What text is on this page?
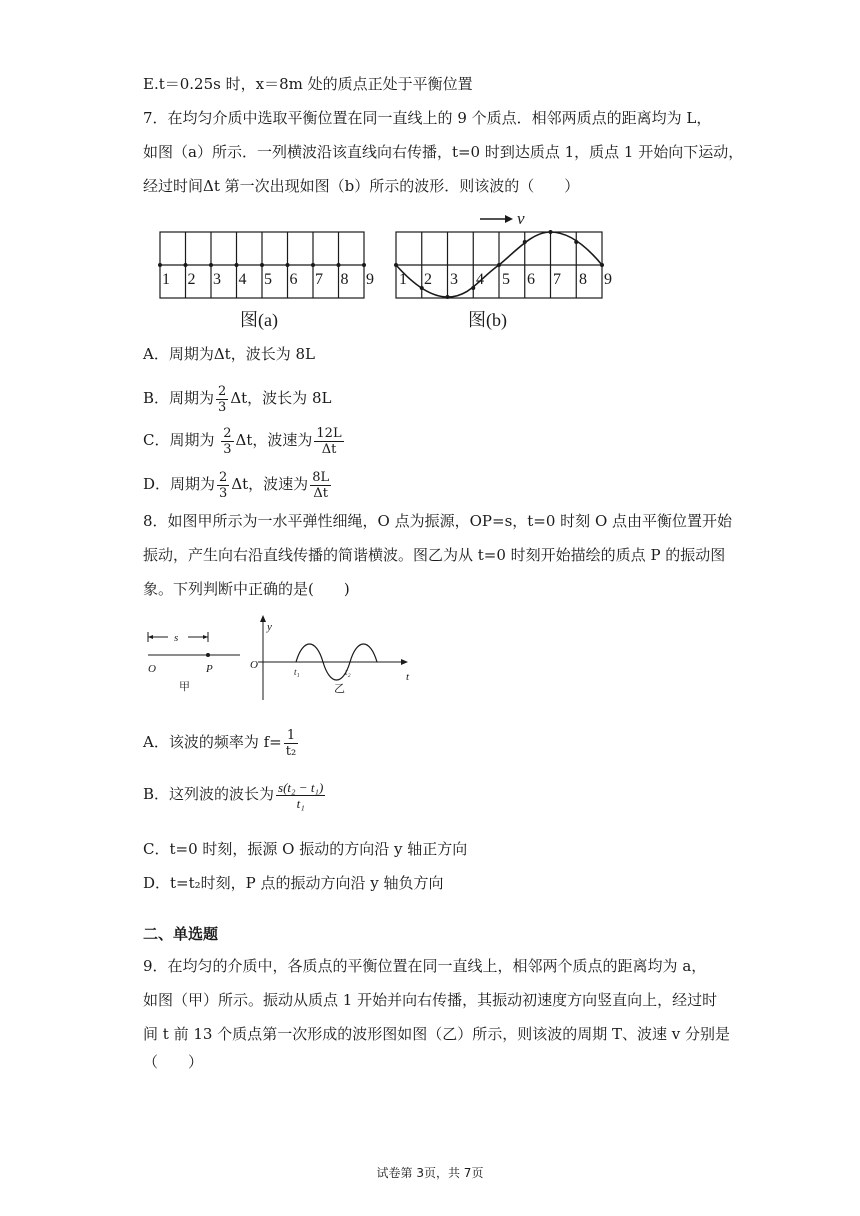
E.t＝0.25s 时，x＝8m 处的质点正处于平衡位置
7．在均匀介质中选取平衡位置在同一直线上的 9 个质点．相邻两质点的距离均为 L，
如图（a）所示．一列横波沿该直线向右传播，t=0 时到达质点 1，质点 1 开始向下运动，
经过时间Δt 第一次出现如图（b）所示的波形．则该波的（　　）
1 2 3 4 5 6 7 8 9
图(a)
1 2 3 4 5 6 7 8 9
v
图(b)
A．周期为Δt，波长为 8L
B．周期为 $\frac{2}{3}$ Δt，波长为 8L
C．周期为 $\frac{2}{3}$ Δt，波速为 $\frac{12L}{\Delta t}$
D．周期为 $\frac{2}{3}$ Δt，波速为 $\frac{8L}{\Delta t}$
8．如图甲所示为一水平弹性细绳，O 点为振源，OP=s，t=0 时刻 O 点由平衡位置开始
振动，产生向右沿直线传播的简谐横波。图乙为从 t=0 时刻开始描绘的质点 P 的振动图
象。下列判断中正确的是(　　)
s
O	P
甲
y
O
t
t₁	t₂
乙
A．该波的频率为 $f= \frac{1}{\text{t₂}}$
B．这列波的波长为 $\frac{\text{s(t₂ − t₁)}}{\text{t₁}}$
C．t=0 时刻，振源 O 振动的方向沿 y 轴正方向
D．t=t₂时刻，P 点的振动方向沿 y 轴负方向
二、单选题
9．在均匀的介质中，各质点的平衡位置在同一直线上，相邻两个质点的距离均为 a，
如图（甲）所示。振动从质点 1 开始并向右传播，其振动初速度方向竖直向上，经过时
间 t 前 13 个质点第一次形成的波形图如图（乙）所示，则该波的周期 T、波速 v 分别是
（　　）
试卷第 3页，共 7页
